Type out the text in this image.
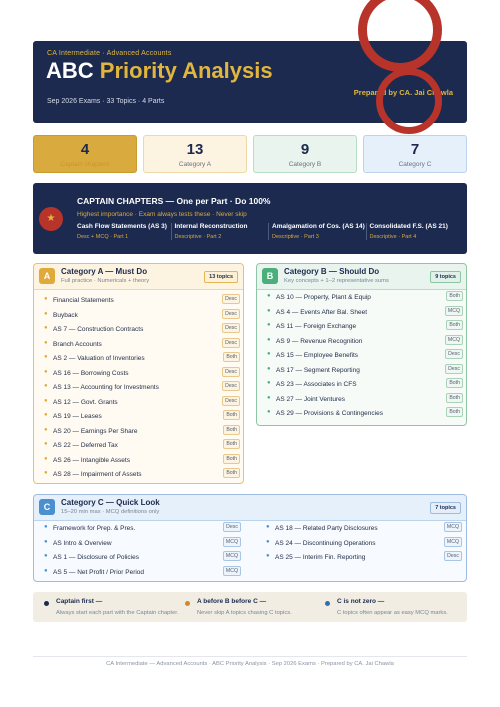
CA Intermediate · Advanced Accounts
ABC Priority Analysis
Sep 2026 Exams · 33 Topics · 4 Parts
Prepared by CA. Jai Chawla
4
Captain chapters
13
Category A
9
Category B
7
Category C
★
CAPTAIN CHAPTERS — One per Part · Do 100%
Highest importance · Exam always tests these · Never skip
Cash Flow Statements (AS 3)
Desc + MCQ · Part 1
Internal Reconstruction
Descriptive · Part 2
Amalgamation of Cos. (AS 14)
Descriptive · Part 3
Consolidated F.S. (AS 21)
Descriptive · Part 4
A	Category A — Must Do
Full practice · Numericals + theory
13 topics
● Financial Statements	Desc
● Buyback	Desc
● AS 7 — Construction Contracts	Desc
● Branch Accounts	Desc
● AS 2 — Valuation of Inventories	Both
● AS 16 — Borrowing Costs	Desc
● AS 13 — Accounting for Investments	Desc
● AS 12 — Govt. Grants	Desc
● AS 19 — Leases	Both
● AS 20 — Earnings Per Share	Both
● AS 22 — Deferred Tax	Both
● AS 26 — Intangible Assets	Both
● AS 28 — Impairment of Assets	Both
B	Category B — Should Do
Key concepts + 1–2 representative sums
9 topics
● AS 10 — Property, Plant & Equip	Both
● AS 4 — Events After Bal. Sheet	MCQ
● AS 11 — Foreign Exchange	Both
● AS 9 — Revenue Recognition	MCQ
● AS 15 — Employee Benefits	Desc
● AS 17 — Segment Reporting	Desc
● AS 23 — Associates in CFS	Both
● AS 27 — Joint Ventures	Both
● AS 29 — Provisions & Contingencies	Both
C	Category C — Quick Look
15–20 min max · MCQ definitions only
7 topics
● Framework for Prep. & Pres.	Desc
● AS Intro & Overview	MCQ
● AS 1 — Disclosure of Policies	MCQ
● AS 5 — Net Profit / Prior Period	MCQ
● AS 18 — Related Party Disclosures	MCQ
● AS 24 — Discontinuing Operations	MCQ
● AS 25 — Interim Fin. Reporting	Desc
Captain first —
Always start each part with the Captain chapter.
A before B before C —
Never skip A topics chasing C topics.
C is not zero —
C topics often appear as easy MCQ marks.
CA Intermediate — Advanced Accounts · ABC Priority Analysis · Sep 2026 Exams · Prepared by CA. Jai Chawla
